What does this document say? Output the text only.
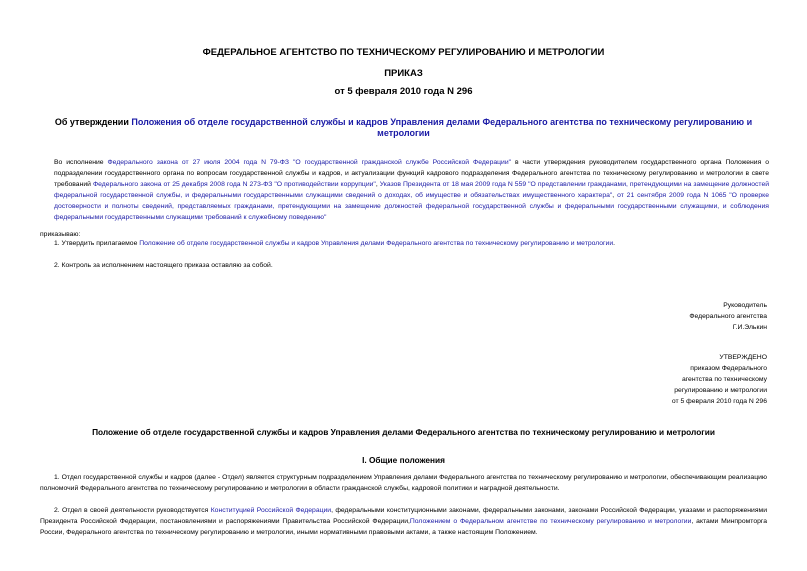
ФЕДЕРАЛЬНОЕ АГЕНТСТВО ПО ТЕХНИЧЕСКОМУ РЕГУЛИРОВАНИЮ И МЕТРОЛОГИИ
ПРИКАЗ
от 5 февраля 2010 года N 296
Об утверждении Положения об отделе государственной службы и кадров Управления делами Федерального агентства по техническому регулированию и метрологии
Во исполнение Федерального закона от 27 июля 2004 года N 79-ФЗ "О государственной гражданской службе Российской Федерации" в части утверждения руководителем государственного органа Положения о подразделении государственного органа по вопросам государственной службы и кадров, и актуализации функций кадрового подразделения Федерального агентства по техническому регулированию и метрологии в свете требований Федерального закона от 25 декабря 2008 года N 273-ФЗ "О противодействии коррупции", Указов Президента от 18 мая 2009 года N 559 "О представлении гражданами, претендующими на замещение должностей федеральной государственной службы, и федеральными государственными служащими сведений о доходах, об имуществе и обязательствах имущественного характера", от 21 сентября 2009 года N 1065 "О проверке достоверности и полноты сведений, представляемых гражданами, претендующими на замещение должностей федеральной государственной службы и федеральными государственными служащими, и соблюдения федеральными государственными служащими требований к служебному поведению"
приказываю:
1. Утвердить прилагаемое Положение об отделе государственной службы и кадров Управления делами Федерального агентства по техническому регулированию и метрологии.
2. Контроль за исполнением настоящего приказа оставляю за собой.
Руководитель
Федерального агентства
Г.И.Элькин
УТВЕРЖДЕНО
приказом Федерального
агентства по техническому
регулированию и метрологии
от 5 февраля 2010 года N 296
Положение об отделе государственной службы и кадров Управления делами Федерального агентства по техническому регулированию и метрологии
I. Общие положения
1. Отдел государственной службы и кадров (далее - Отдел) является структурным подразделением Управления делами Федерального агентства по техническому регулированию и метрологии, обеспечивающим реализацию полномочий Федерального агентства по техническому регулированию и метрологии в области гражданской службы, кадровой политики и наградной деятельности.
2. Отдел в своей деятельности руководствуется Конституцией Российской Федерации, федеральными конституционными законами, федеральными законами, законами Российской Федерации, указами и распоряжениями Президента Российской Федерации, постановлениями и распоряжениями Правительства Российской Федерации,Положением о Федеральном агентстве по техническому регулированию и метрологии, актами Минпромторга России, Федерального агентства по техническому регулированию и метрологии, иными нормативными правовыми актами, а также настоящим Положением.
